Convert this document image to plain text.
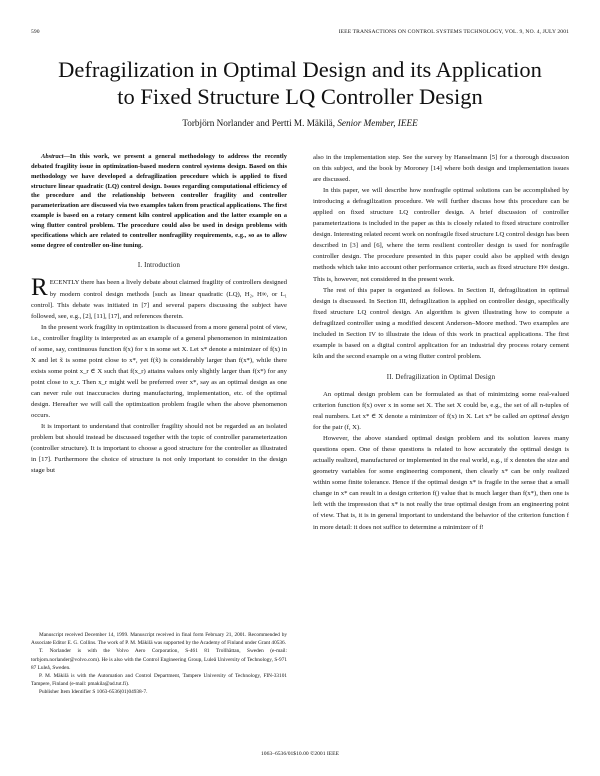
590	IEEE TRANSACTIONS ON CONTROL SYSTEMS TECHNOLOGY, VOL. 9, NO. 4, JULY 2001
Defragilization in Optimal Design and its Application
to Fixed Structure LQ Controller Design
Torbjörn Norlander and Pertti M. Mäkilä, Senior Member, IEEE

Abstract—In this work, we present a general methodology to address the recently debated fragility issue in optimization-based modern control systems design. Based on this methodology we have developed a defragilization procedure which is applied to fixed structure linear quadratic (LQ) control design. Issues regarding computational efficiency of the procedure and the relationship between controller fragility and controller parameterization are discussed via two examples taken from practical applications. The first example is based on a rotary cement kiln control application and the latter example on a wing flutter control problem. The procedure could also be used in design problems with specifications which are related to controller nonfragility requirements, e.g., so as to allow some degree of controller on-line tuning.

I. Introduction

RECENTLY there has been a lively debate about claimed fragility of controllers designed by modern control design methods [such as linear quadratic (LQ), H₂, H∞, or L₁ control]. This debate was initiated in [7] and several papers discussing the subject have followed, see, e.g., [2], [11], [17], and references therein.

In the present work fragility in optimization is discussed from a more general point of view, i.e., controller fragility is interpreted as an example of a general phenomenon in minimization of some, say, continuous function f(x) for x in some set X. Let x* denote a minimizer of f(x) in X and let x̃ is some point close to x*, yet f(x̃) is considerably larger than f(x*), while there exists some point x_r ∈ X such that f(x_r) attains values only slightly larger than f(x*) for any point close to x_r. Then x_r might well be preferred over x*, say as an optimal design as one can never rule out inaccuracies during manufacturing, implementation, etc. of the optimal design. Hereafter we will call the optimization problem fragile when the above phenomenon occurs.

It is important to understand that controller fragility should not be regarded as an isolated problem but should instead be discussed together with the topic of controller parameterization (controller structure). It is important to choose a good structure for the controller as illustrated in [17]. Furthermore the choice of structure is not only important to consider in the design stage but

Manuscript received December 14, 1999. Manuscript received in final form February 21, 2001. Recommended by Associate Editor E. G. Collins. The work of P. M. Mäkilä was supported by the Academy of Finland under Grant 40536.

T. Norlander is with the Volvo Aero Corporation, S-461 81 Trollhättan, Sweden (e-mail: torbjorn.norlander@volvo.com). He is also with the Control Engineering Group, Luleå University of Technology, S-971 87 Luleå, Sweden.

P. M. Mäkilä is with the Automation and Control Department, Tampere University of Technology, FIN-33101 Tampere, Finland (e-mail: pmakila@ad.tut.fi).

Publisher Item Identifier S 1063-6536(01)04938-7.

also in the implementation step. See the survey by Hanselmann [5] for a thorough discussion on this subject, and the book by Moroney [14] where both design and implementation issues are discussed.

In this paper, we will describe how nonfragile optimal solutions can be accomplished by introducing a defragilization procedure. We will further discuss how this procedure can be applied on fixed structure LQ controller design. A brief discussion of controller parameterizations is included in the paper as this is closely related to fixed structure controller design. Interesting related recent work on nonfragile fixed structure LQ control design has been described in [3] and [6], where the term resilient controller design is used for nonfragile controller design. The procedure presented in this paper could also be applied with design methods which take into account other performance criteria, such as fixed structure H∞ design. This is, however, not considered in the present work.

The rest of this paper is organized as follows. In Section II, defragilization in optimal design is discussed. In Section III, defragilization is applied on controller design, specifically fixed structure LQ control design. An algorithm is given illustrating how to compute a defragilized controller using a modified descent Anderson–Moore method. Two examples are included in Section IV to illustrate the ideas of this work in practical applications. The first example is based on a digital control application for an industrial dry process rotary cement kiln and the second example on a wing flutter control problem.

II. Defragilization in Optimal Design

An optimal design problem can be formulated as that of minimizing some real-valued criterion function f(x) over x in some set X. The set X could be, e.g., the set of all n-tuples of real numbers. Let x* ∈ X denote a minimizer of f(x) in X. Let x* be called an optimal design for the pair (f, X).

However, the above standard optimal design problem and its solution leaves many questions open. One of these questions is related to how accurately the optimal design is actually realized, manufactured or implemented in the real world, e.g., if x denotes the size and geometry variables for some engineering component, then clearly x* can be only realized within some finite tolerance. Hence if the optimal design x* is fragile in the sense that a small change in x* can result in a design criterion f() value that is much larger than f(x*), then one is left with the impression that x* is not really the true optimal design from an engineering point of view. That is, it is in general important to understand the behavior of the criterion function f in more detail: it does not suffice to determine a minimizer of f!

1063–6536/01$10.00 ©2001 IEEE
